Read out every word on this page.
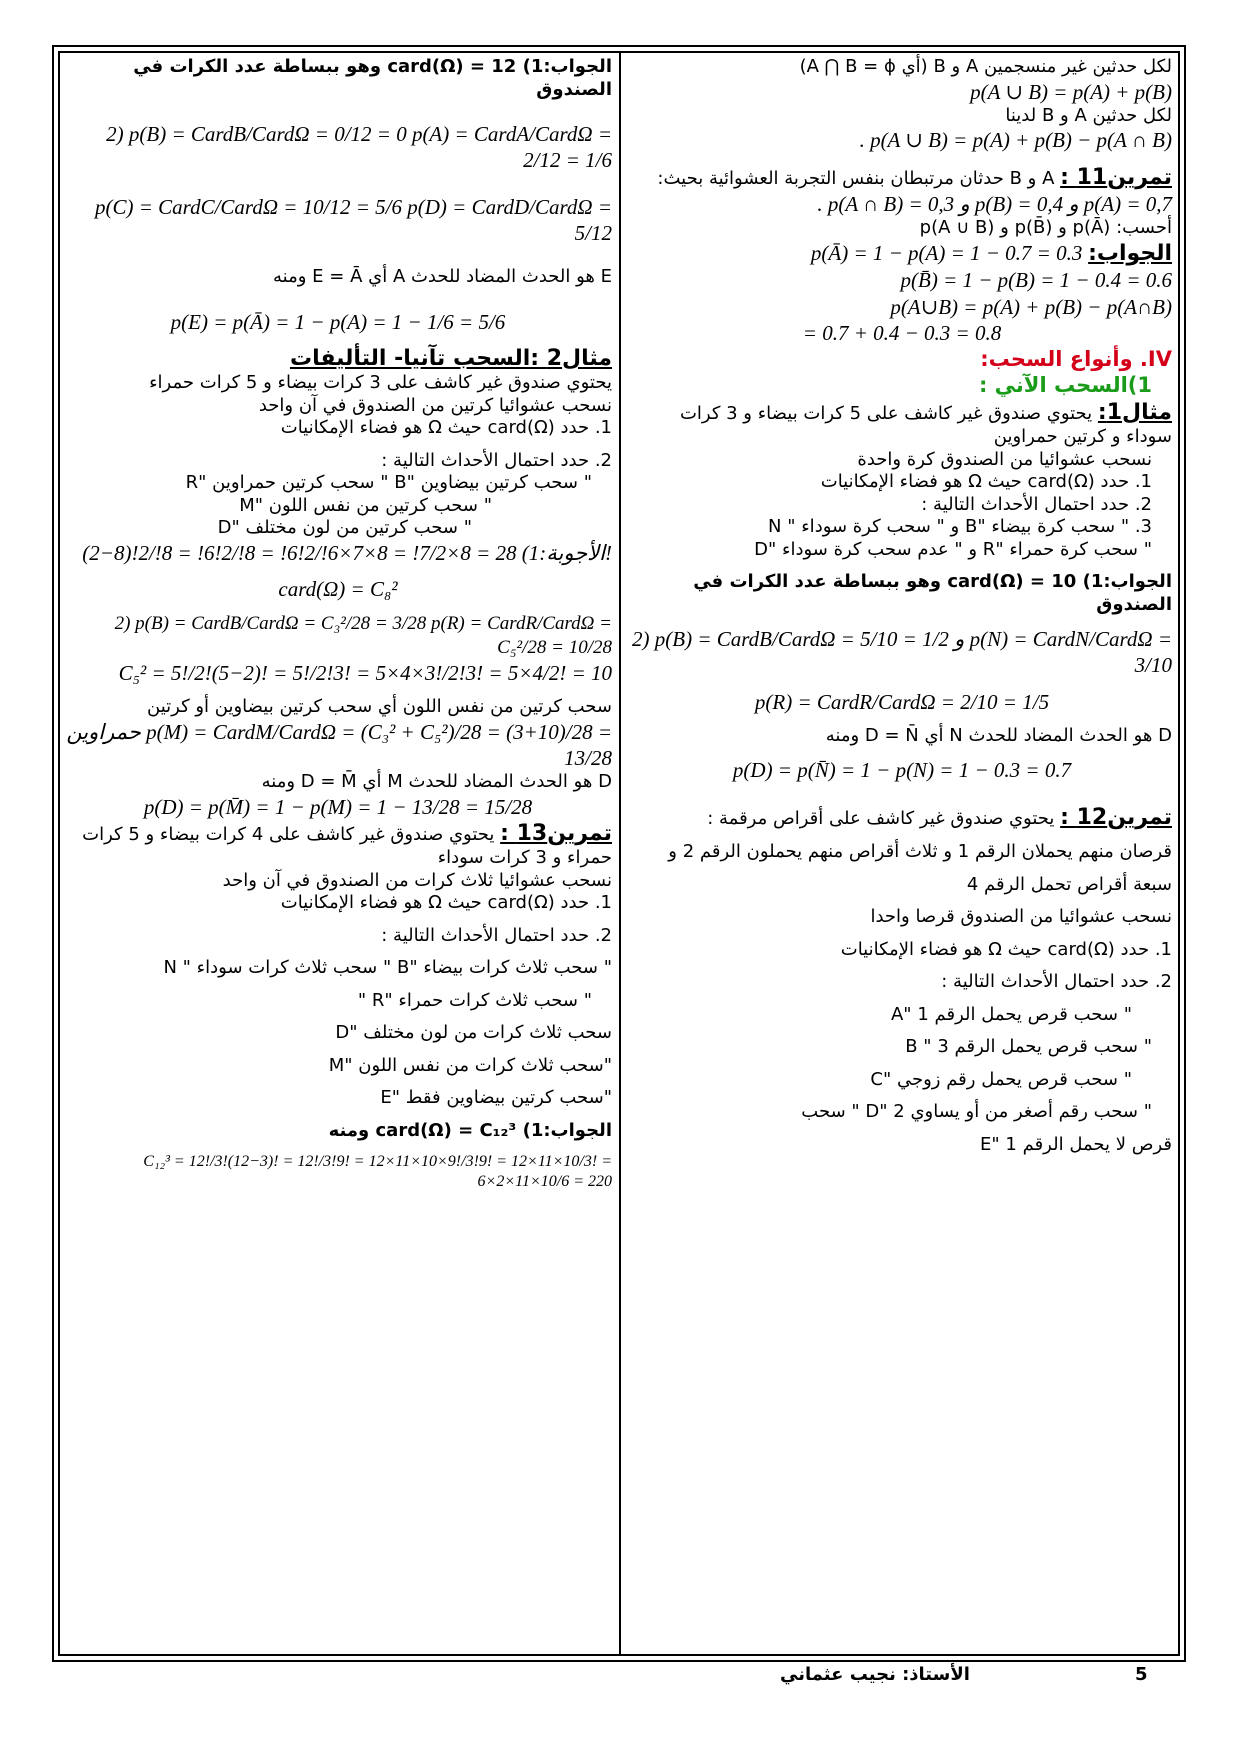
لكل حدثين غير منسجمين A و B (أي A ⋂ B = ϕ)

p(A ∪ B) = p(A) + p(B)

لكل حدثين A و B لدينا

. p(A ∪ B) = p(A) + p(B) − p(A ∩ B)

تمرين11 : A و B حدثان مرتبطان بنفس التجربة العشوائية بحيث:

. p(A ∩ B) = 0,3 و p(B) = 0,4 و p(A) = 0,7

أحسب: p(Ā) و p(B̄) و p(A ∪ B)

الجواب: p(Ā) = 1 − p(A) = 1 − 0.7 = 0.3

p(B̄) = 1 − p(B) = 1 − 0.4 = 0.6

p(A∪B) = p(A) + p(B) − p(A∩B)

= 0.7 + 0.4 − 0.3 = 0.8

IV. وأنواع السحب:

1)السحب الآني :

مثال1: يحتوي صندوق غير كاشف على 5 كرات بيضاء و 3 كرات سوداء و كرتين حمراوين

نسحب عشوائيا من الصندوق كرة واحدة

1. حدد card(Ω) حيث Ω هو فضاء الإمكانيات

2. حدد احتمال الأحداث التالية :

3. " سحب كرة بيضاء "B و " سحب كرة سوداء " N

" سحب كرة حمراء "R و " عدم سحب كرة سوداء "D

الجواب:1) card(Ω) = 10 وهو ببساطة عدد الكرات في الصندوق

2) p(B) = CardB/CardΩ = 5/10 = 1/2 و p(N) = CardN/CardΩ = 3/10

p(R) = CardR/CardΩ = 2/10 = 1/5

D هو الحدث المضاد للحدث N أي D = N̄ ومنه

p(D) = p(N̄) = 1 − p(N) = 1 − 0.3 = 0.7

تمرين12 : يحتوي صندوق غير كاشف على أقراص مرقمة :

قرصان منهم يحملان الرقم 1 و ثلاث أقراص منهم يحملون الرقم 2 و

سبعة أقراص تحمل الرقم 4

نسحب عشوائيا من الصندوق قرصا واحدا

1. حدد card(Ω) حيث Ω هو فضاء الإمكانيات

2. حدد احتمال الأحداث التالية :

" سحب قرص يحمل الرقم 1 "A

" سحب قرص يحمل الرقم 3 " B

" سحب قرص يحمل رقم زوجي "C

" سحب رقم أصغر من أو يساوي 2 "D " سحب

قرص لا يحمل الرقم 1 "E

الجواب:1) card(Ω) = 12 وهو ببساطة عدد الكرات في الصندوق

2) p(B) = CardB/CardΩ = 0/12 = 0 p(A) = CardA/CardΩ = 2/12 = 1/6

p(C) = CardC/CardΩ = 10/12 = 5/6 p(D) = CardD/CardΩ = 5/12

E هو الحدث المضاد للحدث A أي E = Ā ومنه

p(E) = p(Ā) = 1 − p(A) = 1 − 1/6 = 5/6

مثال2 :السحب تآنيا- التأليفات

يحتوي صندوق غير كاشف على 3 كرات بيضاء و 5 كرات حمراء

نسحب عشوائيا كرتين من الصندوق في آن واحد

1. حدد card(Ω) حيث Ω هو فضاء الإمكانيات

2. حدد احتمال الأحداث التالية :

" سحب كرتين بيضاوين "B " سحب كرتين حمراوين "R

" سحب كرتين من نفس اللون "M

" سحب كرتين من لون مختلف "D

الأجوبة:1) 28 = 8×7/2! = 8×7×6!/2!6! = 8!/2!6! = 8!/2!(8−2)!

card(Ω) = C₈²

2) p(B) = CardB/CardΩ = C₃²/28 = 3/28 p(R) = CardR/CardΩ = C₅²/28 = 10/28

C₅² = 5!/2!(5−2)! = 5!/2!3! = 5×4×3!/2!3! = 5×4/2! = 10

سحب كرتين من نفس اللون أي سحب كرتين بيضاوين أو كرتين

حمراوين p(M) = CardM/CardΩ = (C₃² + C₅²)/28 = (3+10)/28 = 13/28

D هو الحدث المضاد للحدث M أي D = M̄ ومنه

p(D) = p(M̄) = 1 − p(M) = 1 − 13/28 = 15/28

تمرين13 : يحتوي صندوق غير كاشف على 4 كرات بيضاء و 5 كرات حمراء و 3 كرات سوداء

نسحب عشوائيا ثلاث كرات من الصندوق في آن واحد

1. حدد card(Ω) حيث Ω هو فضاء الإمكانيات

2. حدد احتمال الأحداث التالية :

" سحب ثلاث كرات بيضاء "B " سحب ثلاث كرات سوداء " N

" سحب ثلاث كرات حمراء "R "

سحب ثلاث كرات من لون مختلف "D

"سحب ثلاث كرات من نفس اللون "M

"سحب كرتين بيضاوين فقط "E

الجواب:1) card(Ω) = C₁₂³ ومنه

C₁₂³ = 12!/3!(12−3)! = 12!/3!9! = 12×11×10×9!/3!9! = 12×11×10/3! = 6×2×11×10/6 = 220

5
الأستاذ: نجيب عثماني
